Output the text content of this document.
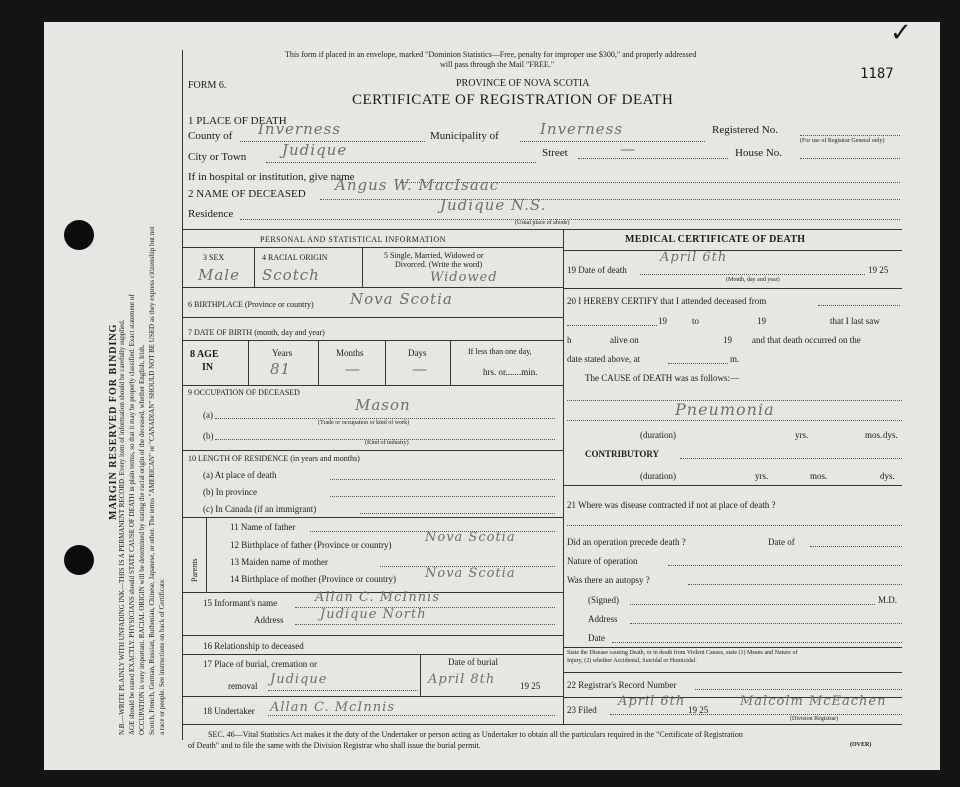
N.B.—WRITE PLAINLY WITH UNFADING INK—THIS IS A PERMANENT RECORD. Every item of information should be carefully supplied. AGE should be stated EXACTLY. PHYSICIANS should STATE CAUSE OF DEATH in plain terms, so that it may be properly classified. Exact statement of OCCUPATION is very important. RACIAL ORIGIN will be determined by stating the racial origin of the deceased, whether English, Irish, Scotch, French, German, Russian, Ruthenian, Chinese, Japanese, or other. The terms "AMERICAN" or "CANADIAN" SHOULD NOT BE USED as they express citizenship but not a race or people. See instructions on back of Certificate.
MARGIN RESERVED FOR BINDING
This form if placed in an envelope, marked "Dominion Statistics—Free, penalty for improper use $300," and properly addressed
will pass through the Mail "FREE."
✓
1187
FORM 6.	PROVINCE OF NOVA SCOTIA
CERTIFICATE OF REGISTRATION OF DEATH
1 PLACE OF DEATH
County of Inverness	Municipality of	Inverness	Registered No.
(For use of Registrar General only)
City or Town Judique	Street	—	House No.
If in hospital or institution, give name
2 NAME OF DECEASED Angus W. MacIsaac
Residence	Judique N.S.
(Usual place of abode)
PERSONAL AND STATISTICAL INFORMATION
3 SEX
Male
4 RACIAL ORIGIN
Scotch
5 Single, Married, Widowed or
Divorced. (Write the word)
Widowed
6 BIRTHPLACE (Province or country) Nova Scotia
7 DATE OF BIRTH (month, day and year)
8 AGE
IN
Years
81
Months
—
Days
—
If less than one day,
hrs. or.......min.
9 OCCUPATION OF DECEASED
(a)
Mason
(Trade or occupation or kind of work)
(b)
(Kind of industry)
10 LENGTH OF RESIDENCE (in years and months)
(a) At place of death
(b) In province
(c) In Canada (if an immigrant)
Parents
11 Name of father
12 Birthplace of father (Province or country)	Nova Scotia
13 Maiden name of mother
14 Birthplace of mother (Province or country) Nova Scotia
15 Informant's name	Allan C. McInnis
Address	Judique North
16 Relationship to deceased
17 Place of burial, cremation or
removal Judique
Date of burial
April 8th	19 25
18 Undertaker Allan C. McInnis
MEDICAL CERTIFICATE OF DEATH
19 Date of death
April 6th
19 25
(Month, day and year)
20 I HEREBY CERTIFY that I attended deceased from
19	to	19	that I last saw
h	alive on	19 and that death occurred on the
date stated above, at	m.
The CAUSE of DEATH was as follows:—
Pneumonia
(duration)	yrs.	mos. dys.
CONTRIBUTORY
(duration)	yrs.	mos.	dys.
21 Where was disease contracted if not at place of death ?
Did an operation precede death ?	Date of
Nature of operation
Was there an autopsy ?
(Signed)	M.D.
Address
Date
State the Disease causing Death, or in death from Violent Causes, state (1) Means and Nature of
Injury, (2) whether Accidental, Suicidal or Homicidal.
22 Registrar's Record Number
23 Filed
April 6th
19 25
Malcolm McEachen
(Division Registrar)
SEC. 46—Vital Statistics Act makes it the duty of the Undertaker or person acting as Undertaker to obtain all the particulars required in the "Certificate of Registration
of Death" and to file the same with the Division Registrar who shall issue the burial permit.	(OVER)
